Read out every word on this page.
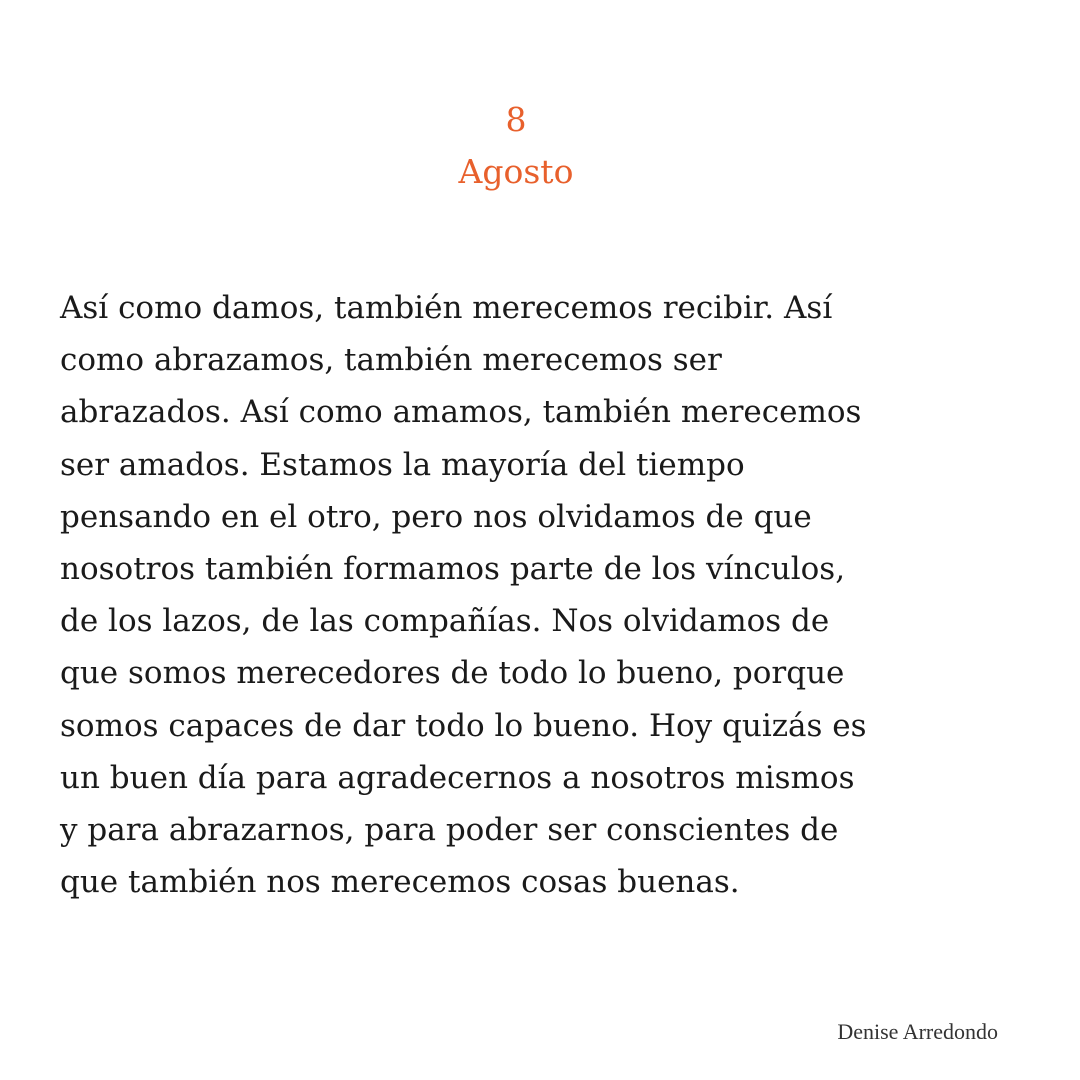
8
Agosto

Así como damos, también merecemos recibir. Así
como abrazamos, también merecemos ser
abrazados. Así como amamos, también merecemos
ser amados. Estamos la mayoría del tiempo
pensando en el otro, pero nos olvidamos de que
nosotros también formamos parte de los vínculos,
de los lazos, de las compañías. Nos olvidamos de
que somos merecedores de todo lo bueno, porque
somos capaces de dar todo lo bueno. Hoy quizás es
un buen día para agradecernos a nosotros mismos
y para abrazarnos, para poder ser conscientes de
que también nos merecemos cosas buenas.

Denise Arredondo
